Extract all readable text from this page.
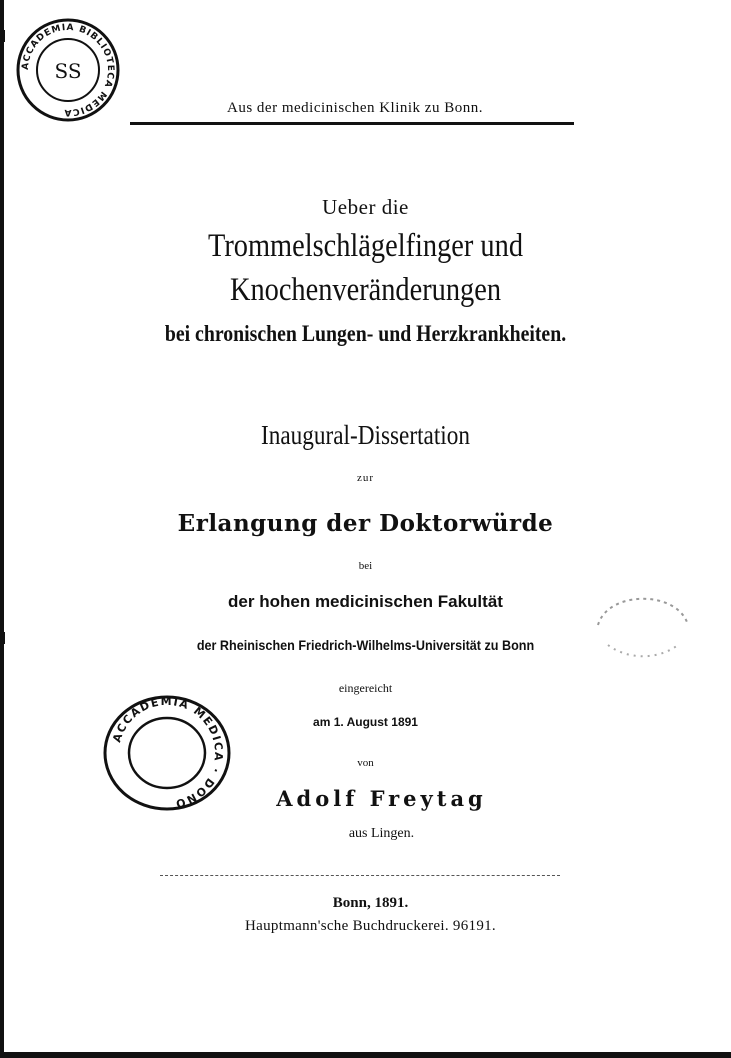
ACCADEMIA BIBLIOTECA MEDICA
SS
Aus der medicinischen Klinik zu Bonn.
Ueber die
Trommelschlägelfinger und
Knochenveränderungen
bei chronischen Lungen- und Herzkrankheiten.
Inaugural-Dissertation
zur
Erlangung der Doktorwürde
bei
der hohen medicinischen Fakultät
der Rheinischen Friedrich-Wilhelms-Universität zu Bonn
eingereicht
am 1. August 1891
von
Adolf Freytag
aus Lingen.
Bonn, 1891.
Hauptmann'sche Buchdruckerei. 96191.
ACCADEMIA MEDICA · DONO
